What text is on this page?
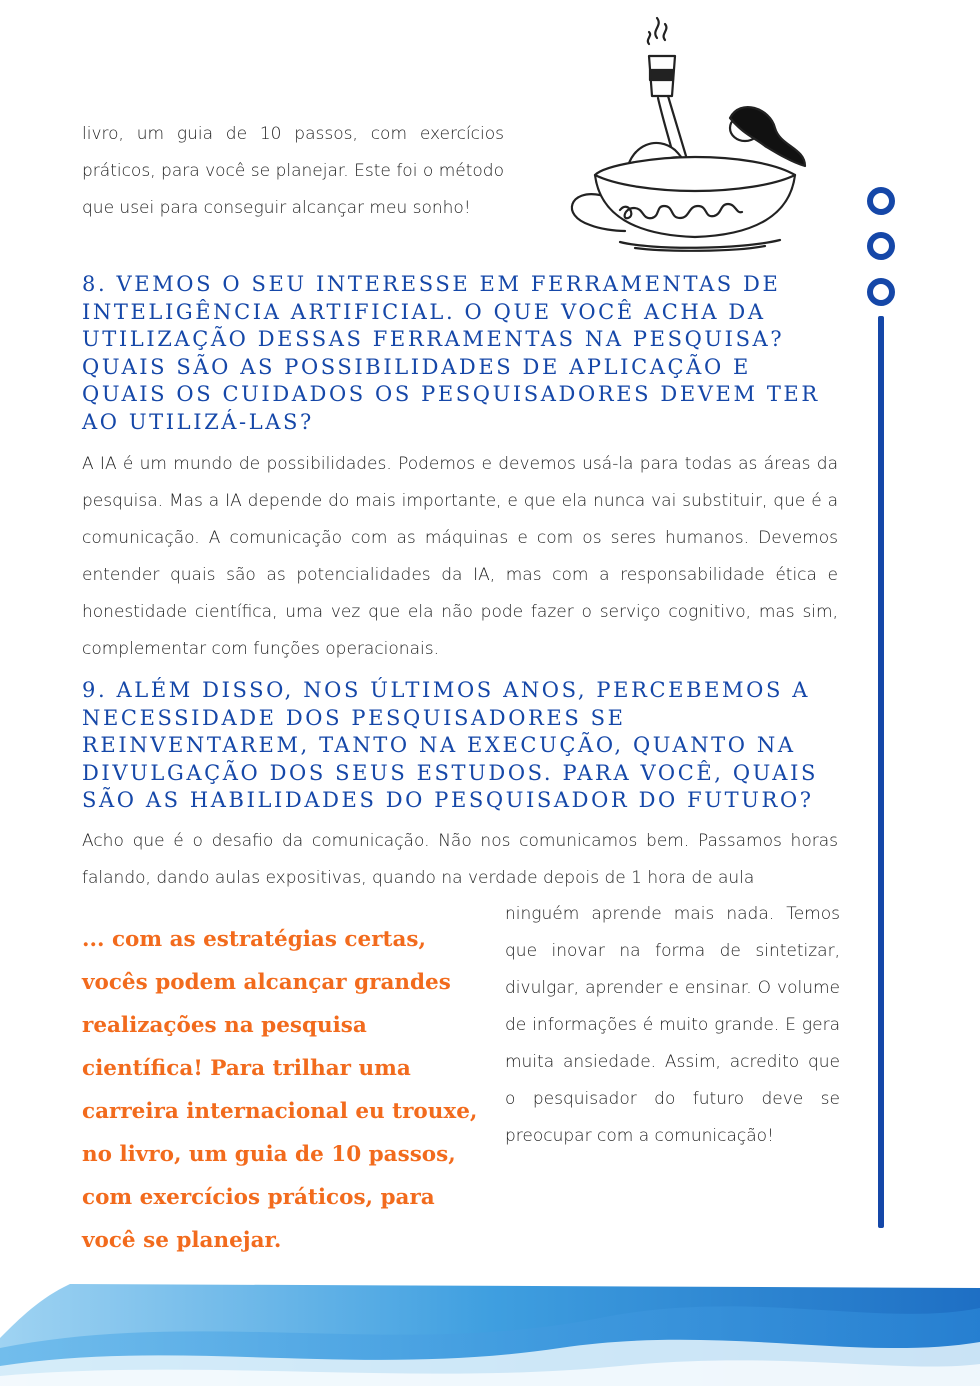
livro, um guia de 10 passos, com exercícios práticos, para você se planejar. Este foi o método que usei para conseguir alcançar meu sonho!

8. VEMOS O SEU INTERESSE EM FERRAMENTAS DE INTELIGÊNCIA ARTIFICIAL. O QUE VOCÊ ACHA DA UTILIZAÇÃO DESSAS FERRAMENTAS NA PESQUISA? QUAIS SÃO AS POSSIBILIDADES DE APLICAÇÃO E QUAIS OS CUIDADOS OS PESQUISADORES DEVEM TER AO UTILIZÁ-LAS?

A IA é um mundo de possibilidades. Podemos e devemos usá-la para todas as áreas da pesquisa. Mas a IA depende do mais importante, e que ela nunca vai substituir, que é a comunicação. A comunicação com as máquinas e com os seres humanos. Devemos entender quais são as potencialidades da IA, mas com a responsabilidade ética e honestidade científica, uma vez que ela não pode fazer o serviço cognitivo, mas sim, complementar com funções operacionais.

9. ALÉM DISSO, NOS ÚLTIMOS ANOS, PERCEBEMOS A NECESSIDADE DOS PESQUISADORES SE REINVENTAREM, TANTO NA EXECUÇÃO, QUANTO NA DIVULGAÇÃO DOS SEUS ESTUDOS. PARA VOCÊ, QUAIS SÃO AS HABILIDADES DO PESQUISADOR DO FUTURO?

Acho que é o desafio da comunicação. Não nos comunicamos bem. Passamos horas falando, dando aulas expositivas, quando na verdade depois de 1 hora de aula

ninguém aprende mais nada. Temos que inovar na forma de sintetizar, divulgar, aprender e ensinar. O volume de informações é muito grande. E gera muita ansiedade. Assim, acredito que o pesquisador do futuro deve se preocupar com a comunicação!

... com as estratégias certas, vocês podem alcançar grandes realizações na pesquisa científica! Para trilhar uma carreira internacional eu trouxe, no livro, um guia de 10 passos, com exercícios práticos, para você se planejar.
